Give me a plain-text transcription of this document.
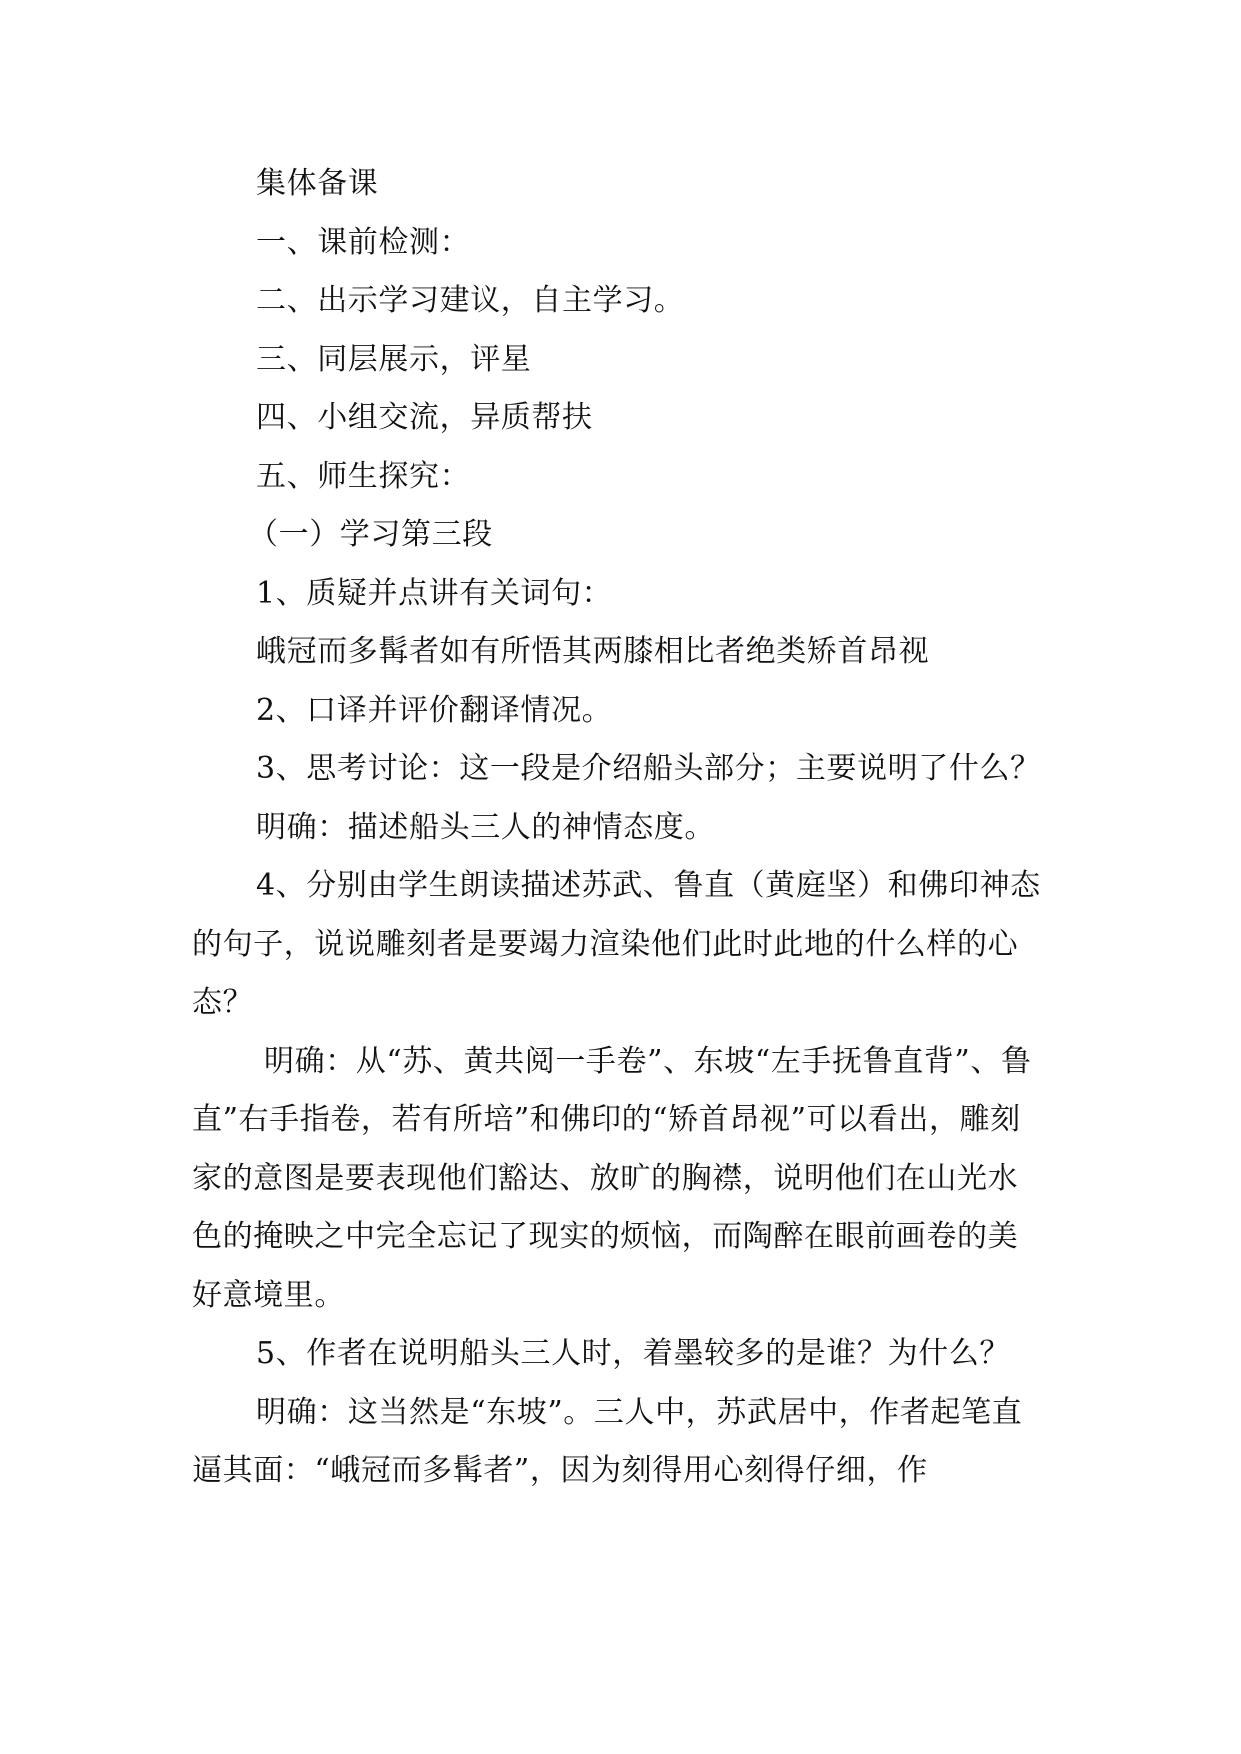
集体备课

一、课前检测：

二、出示学习建议，自主学习。

三、同层展示，评星

四、小组交流，异质帮扶

五、师生探究：

（一）学习第三段

1、质疑并点讲有关词句：

峨冠而多髯者如有所悟其两膝相比者绝类矫首昂视

2、口译并评价翻译情况。

3、思考讨论：这一段是介绍船头部分；主要说明了什么？

明确：描述船头三人的神情态度。

4、分别由学生朗读描述苏武、鲁直（黄庭坚）和佛印神态的句子，说说雕刻者是要竭力渲染他们此时此地的什么样的心态？

明确：从“苏、黄共阅一手卷”、东坡“左手抚鲁直背”、鲁直”右手指卷，若有所培”和佛印的“矫首昂视”可以看出，雕刻家的意图是要表现他们豁达、放旷的胸襟，说明他们在山光水色的掩映之中完全忘记了现实的烦恼，而陶醉在眼前画卷的美好意境里。

5、作者在说明船头三人时，着墨较多的是谁？为什么？

明确：这当然是“东坡”。三人中，苏武居中，作者起笔直逼其面：“峨冠而多髯者”，因为刻得用心刻得仔细，作
